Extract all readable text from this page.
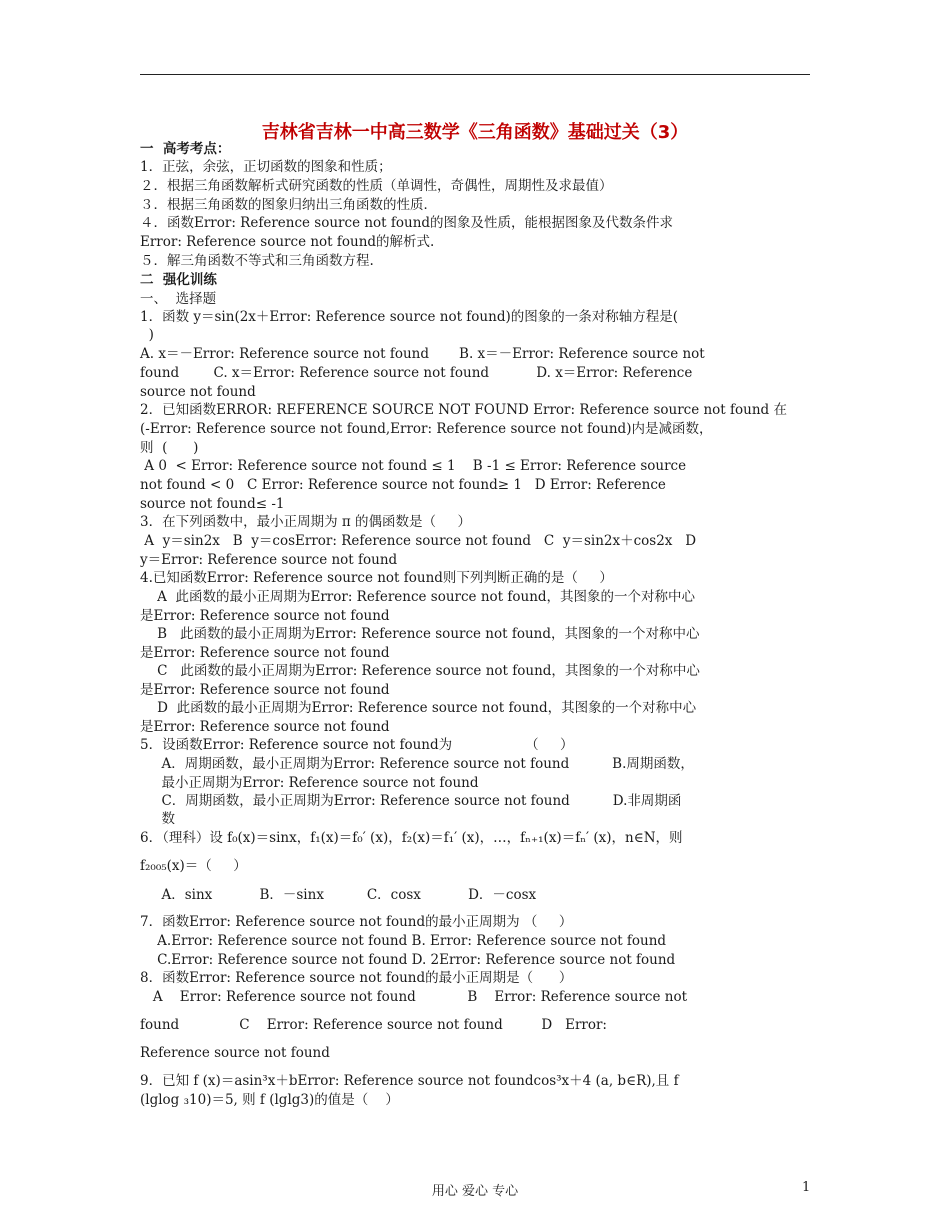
吉林省吉林一中高三数学《三角函数》基础过关（3）
一  高考考点：
1．正弦，余弦，正切函数的图象和性质；
２．根据三角函数解析式研究函数的性质（单调性，奇偶性，周期性及求最值）
３．根据三角函数的图象归纳出三角函数的性质．
４．函数Error: Reference source not found的图象及性质，能根据图象及代数条件求
Error: Reference source not found的解析式.
５．解三角函数不等式和三角函数方程.
二  强化训练
一、  选择题
1．函数 y＝sin(2x＋Error: Reference source not found)的图象的一条对称轴方程是(
)
A. x＝－Error: Reference source not found       B. x＝－Error: Reference source not
found        C. x＝Error: Reference source not found           D. x＝Error: Reference
source not found
2．已知函数ERROR: REFERENCE SOURCE NOT FOUND Error: Reference source not found 在
(-Error: Reference source not found,Error: Reference source not found)内是减函数，
则  (      )
A 0  < Error: Reference source not found ≤ 1    B -1 ≤ Error: Reference source
not found < 0   C Error: Reference source not found≥ 1   D Error: Reference
source not found≤ -1
3．在下列函数中，最小正周期为 π 的偶函数是（     ）
A  y＝sin2x   B  y＝cosError: Reference source not found   C  y＝sin2x＋cos2x   D
y＝Error: Reference source not found
4.已知函数Error: Reference source not found则下列判断正确的是（     ）
A  此函数的最小正周期为Error: Reference source not found，其图象的一个对称中心
是Error: Reference source not found
B   此函数的最小正周期为Error: Reference source not found，其图象的一个对称中心
是Error: Reference source not found
C   此函数的最小正周期为Error: Reference source not found，其图象的一个对称中心
是Error: Reference source not found
D  此函数的最小正周期为Error: Reference source not found，其图象的一个对称中心
是Error: Reference source not found
5．设函数Error: Reference source not found为                 （     ）
A．周期函数，最小正周期为Error: Reference source not found          B.周期函数，
最小正周期为Error: Reference source not found
C．周期函数，最小正周期为Error: Reference source not found          D.非周期函
数
6．（理科）设 f₀(x)＝sinx，f₁(x)＝f₀′ (x)，f₂(x)＝f₁′ (x)，…，fₙ₊₁(x)＝fₙ′ (x)，n∈N，则
f₂₀₀₅(x)＝（     ）
A．sinx           B．－sinx          C．cosx           D．－cosx
7．函数Error: Reference source not found的最小正周期为 （     ）
A.Error: Reference source not found B. Error: Reference source not found
C.Error: Reference source not found D. 2Error: Reference source not found
8．函数Error: Reference source not found的最小正周期是（      ）
A    Error: Reference source not found            B    Error: Reference source not
found              C    Error: Reference source not found         D   Error:
Reference source not found
9．已知 f (x)＝asin³x＋bError: Reference source not foundcos³x＋4 (a, b∈R),且 f
(lglog ₃10)＝5, 则 f (lglg3)的值是（    ）
用心 爱心 专心	1
